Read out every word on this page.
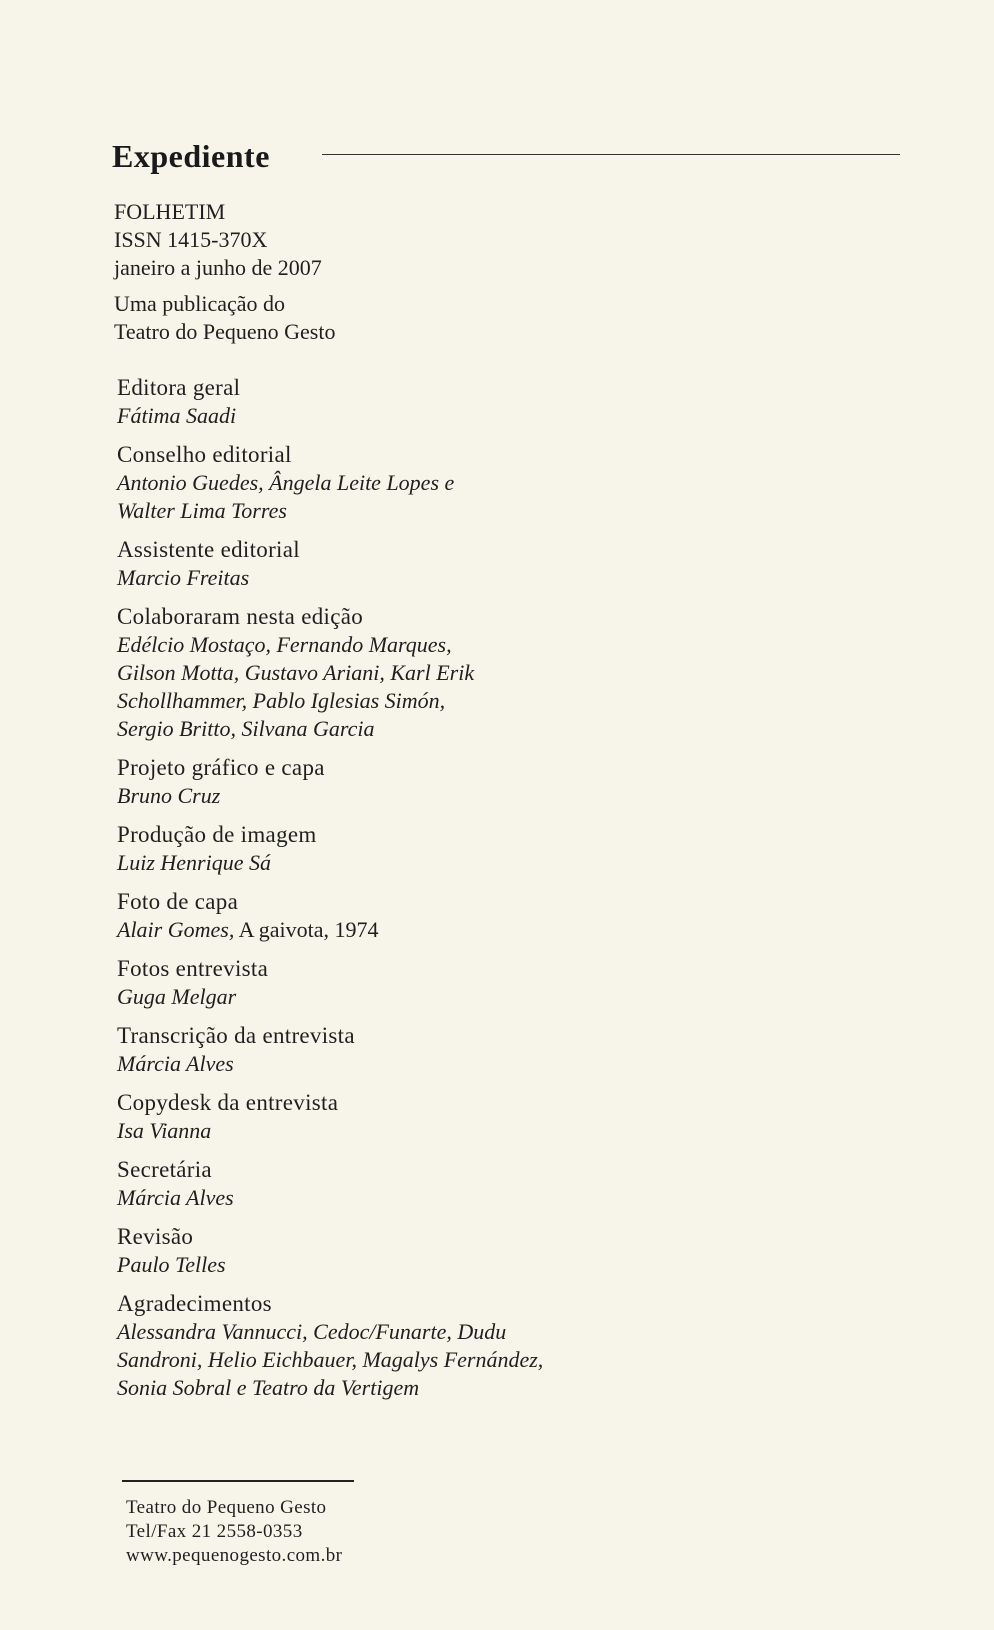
Expediente
FOLHETIM
ISSN 1415-370X
janeiro a junho de 2007
Uma publicação do
Teatro do Pequeno Gesto
Editora geral
Fátima Saadi
Conselho editorial
Antonio Guedes, Ângela Leite Lopes e
Walter Lima Torres
Assistente editorial
Marcio Freitas
Colaboraram nesta edição
Edélcio Mostaço, Fernando Marques,
Gilson Motta, Gustavo Ariani, Karl Erik
Schollhammer, Pablo Iglesias Simón,
Sergio Britto, Silvana Garcia
Projeto gráfico e capa
Bruno Cruz
Produção de imagem
Luiz Henrique Sá
Foto de capa
Alair Gomes, A gaivota, 1974
Fotos entrevista
Guga Melgar
Transcrição da entrevista
Márcia Alves
Copydesk da entrevista
Isa Vianna
Secretária
Márcia Alves
Revisão
Paulo Telles
Agradecimentos
Alessandra Vannucci, Cedoc/Funarte, Dudu
Sandroni, Helio Eichbauer, Magalys Fernández,
Sonia Sobral e Teatro da Vertigem
Teatro do Pequeno Gesto
Tel/Fax 21 2558-0353
www.pequenogesto.com.br
